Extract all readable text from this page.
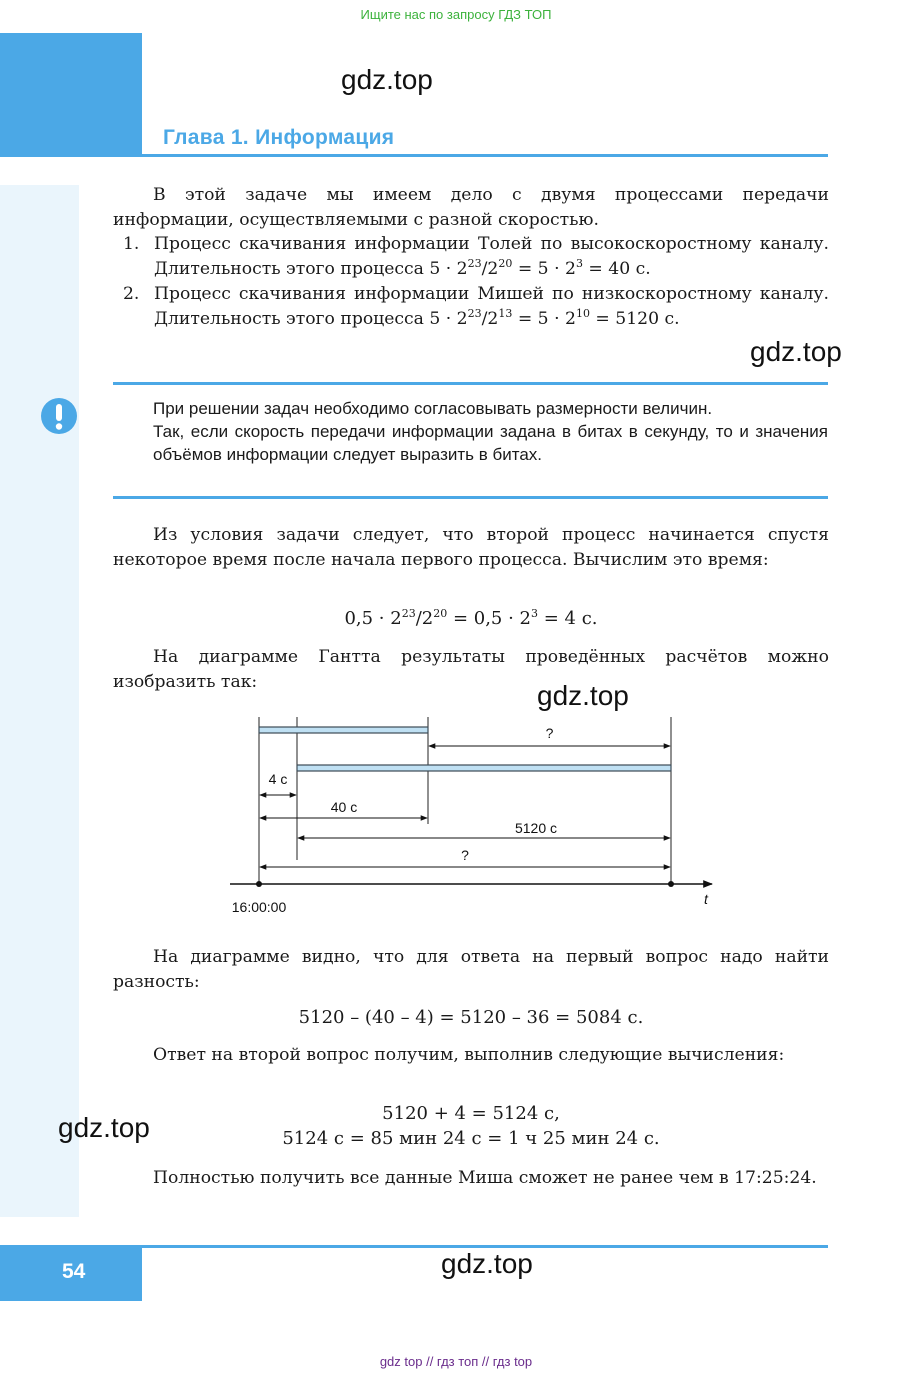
Ищите нас по запросу ГДЗ ТОП
gdz.top
Глава 1. Информация
В этой задаче мы имеем дело с двумя процессами передачи информации, осуществляемыми с разной скоростью.
1. Процесс скачивания информации Толей по высокоскоростному каналу. Длительность этого процесса $5 \cdot 2^{23}/2^{20} = 5 \cdot 2^3 = 40$ с.
2. Процесс скачивания информации Мишей по низкоскоростному каналу. Длительность этого процесса $5 \cdot 2^{23}/2^{13} = 5 \cdot 2^{10} = 5120$ с.
gdz.top
При решении задач необходимо согласовывать размерности величин.
Так, если скорость передачи информации задана в битах в секунду, то и значения объёмов информации следует выразить в битах.
Из условия задачи следует, что второй процесс начинается спустя некоторое время после начала первого процесса. Вычислим это время:
$0,5 \cdot 2^{23}/2^{20} = 0,5 \cdot 2^3 = 4$ с.
На диаграмме Гантта результаты проведённых расчётов можно изобразить так:	gdz.top
?
4 с
40 с
5120 с
?
16:00:00	t
На диаграмме видно, что для ответа на первый вопрос надо найти разность:
5120 – (40 – 4) = 5120 – 36 = 5084 с.
Ответ на второй вопрос получим, выполнив следующие вычисления:
gdz.top	5120 + 4 = 5124 с,
5124 с = 85 мин 24 с = 1 ч 25 мин 24 с.
Полностью получить все данные Миша сможет не ранее чем в 17:25:24.
54	gdz.top
gdz top // гдз топ // гдз top
